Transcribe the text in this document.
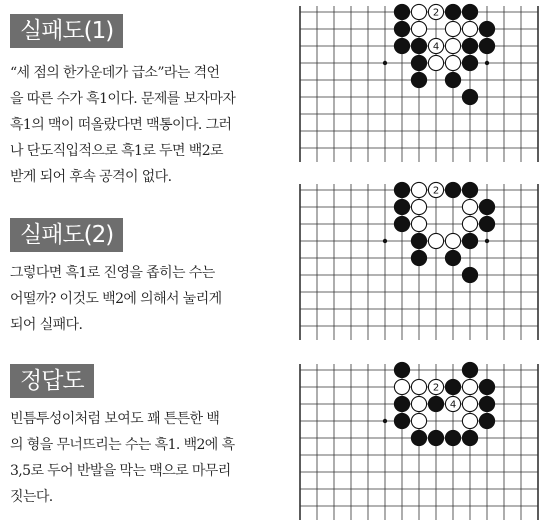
실패도(1)
“세 점의 한가운데가 급소”라는 격언
을 따른 수가 흑1이다. 문제를 보자마자
흑1의 맥이 떠올랐다면 맥통이다. 그러
나 단도직입적으로 흑1로 두면 백2로
받게 되어 후속 공격이 없다.
2
4
실패도(2)
그렇다면 흑1로 진영을 좁히는 수는
어떨까? 이것도 백2에 의해서 눌리게
되어 실패다.
2
정답도
빈틈투성이처럼 보여도 꽤 튼튼한 백
의 형을 무너뜨리는 수는 흑1. 백2에 흑
3,5로 두어 반발을 막는 맥으로 마무리
짓는다.
2
4
